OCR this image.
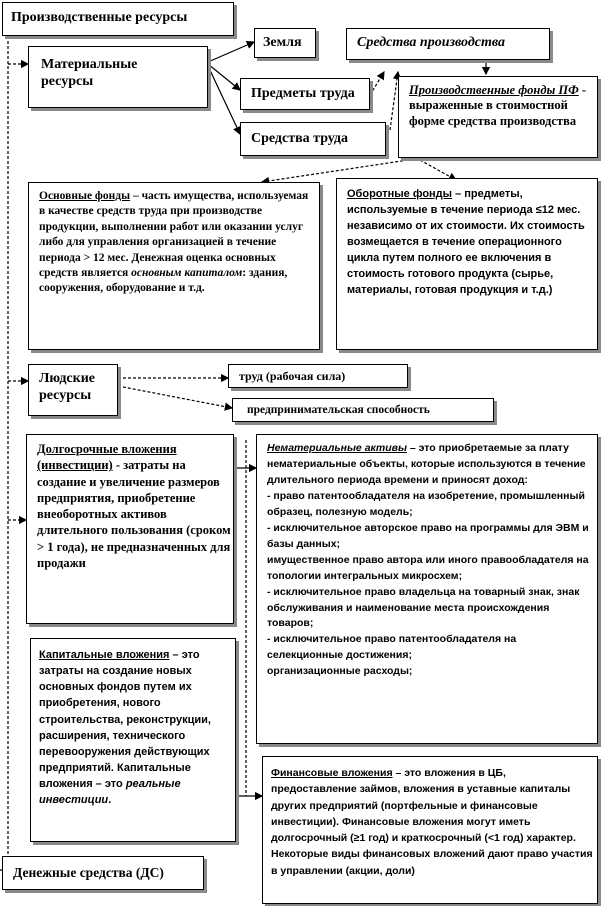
Производственные ресурсы
Материальные ресурсы
Земля	Средства производства
Предметы труда
Средства труда
Производственные фонды ПФ - выраженные в стоимостной форме средства производства
Основные фонды – часть имущества, используемая в качестве средств труда при производстве продукции, выполнении работ или оказании услуг либо для управления организацией в течение периода > 12 мес. Денежная оценка основных средств является основным капиталом: здания, сооружения, оборудование и т.д.
Оборотные фонды – предметы, используемые в течение периода ≤12 мес. независимо от их стоимости. Их стоимость возмещается в течение операционного цикла путем полного ее включения в стоимость готового продукта (сырье, материалы, готовая продукция и т.д.)
Людские ресурсы
труд (рабочая сила)
предпринимательская способность
Долгосрочные вложения (инвестиции) - затраты на создание и увеличение размеров предприятия, приобретение внеоборотных активов длительного пользования (сроком > 1 года), не предназначенных для продажи
Нематериальные активы – это приобретаемые за плату нематериальные объекты, которые используются в течение длительного периода времени и приносят доход:
- право патентообладателя на изобретение, промышленный образец, полезную модель;
- исключительное авторское право на программы для ЭВМ и базы данных;
имущественное право автора или иного правообладателя на топологии интегральных микросхем;
- исключительное право владельца на товарный знак, знак обслуживания и наименование места происхождения товаров;
- исключительное право патентообладателя на селекционные достижения;
организационные расходы;
Капитальные вложения – это затраты на создание новых основных фондов путем их приобретения, нового строительства, реконструкции, расширения, технического перевооружения действующих предприятий. Капитальные вложения – это реальные инвестиции.
Финансовые вложения – это вложения в ЦБ, предоставление займов, вложения в уставные капиталы других предприятий (портфельные и финансовые инвестиции). Финансовые вложения могут иметь долгосрочный (≥1 год) и краткосрочный (<1 год) характер. Некоторые виды финансовых вложений дают право участия в управлении (акции, доли)
Денежные средства (ДС)
